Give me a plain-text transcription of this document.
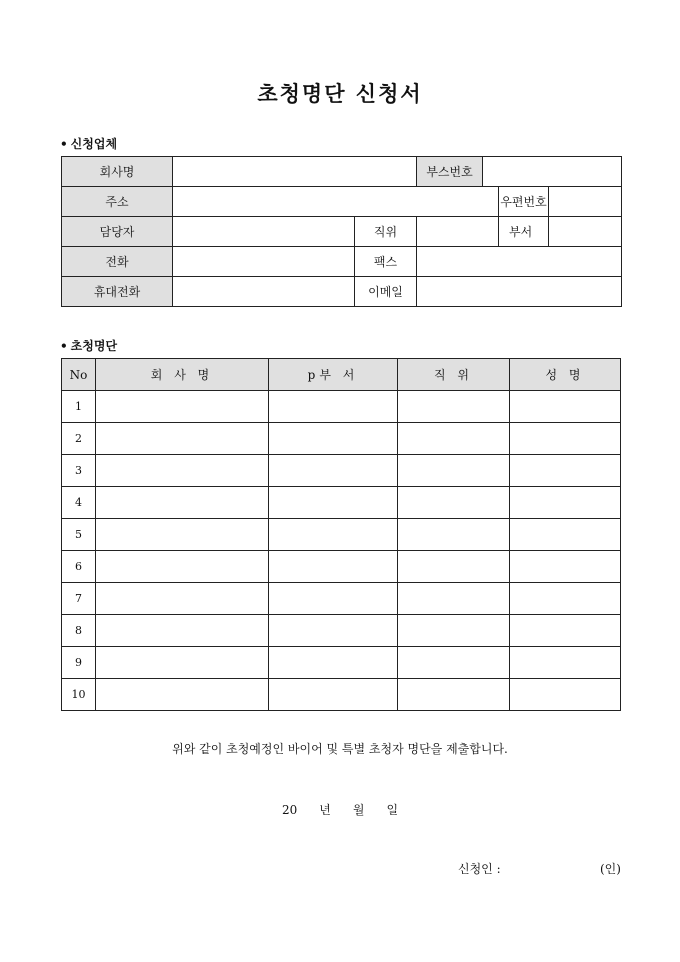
초청명단 신청서
• 신청업체
회사명			부스번호			
주소					우편번호	
담당자		직위			부서	
전화		팩스				
휴대전화		이메일				
• 초청명단
No	회 사 명	p부 서	직 위	성 명
1				
2				
3				
4				
5				
6				
7				
8				
9				
10				
위와 같이 초청예정인 바이어 및 특별 초청자 명단을 제출합니다.
20 년 월 일
신청인 :	(인)
